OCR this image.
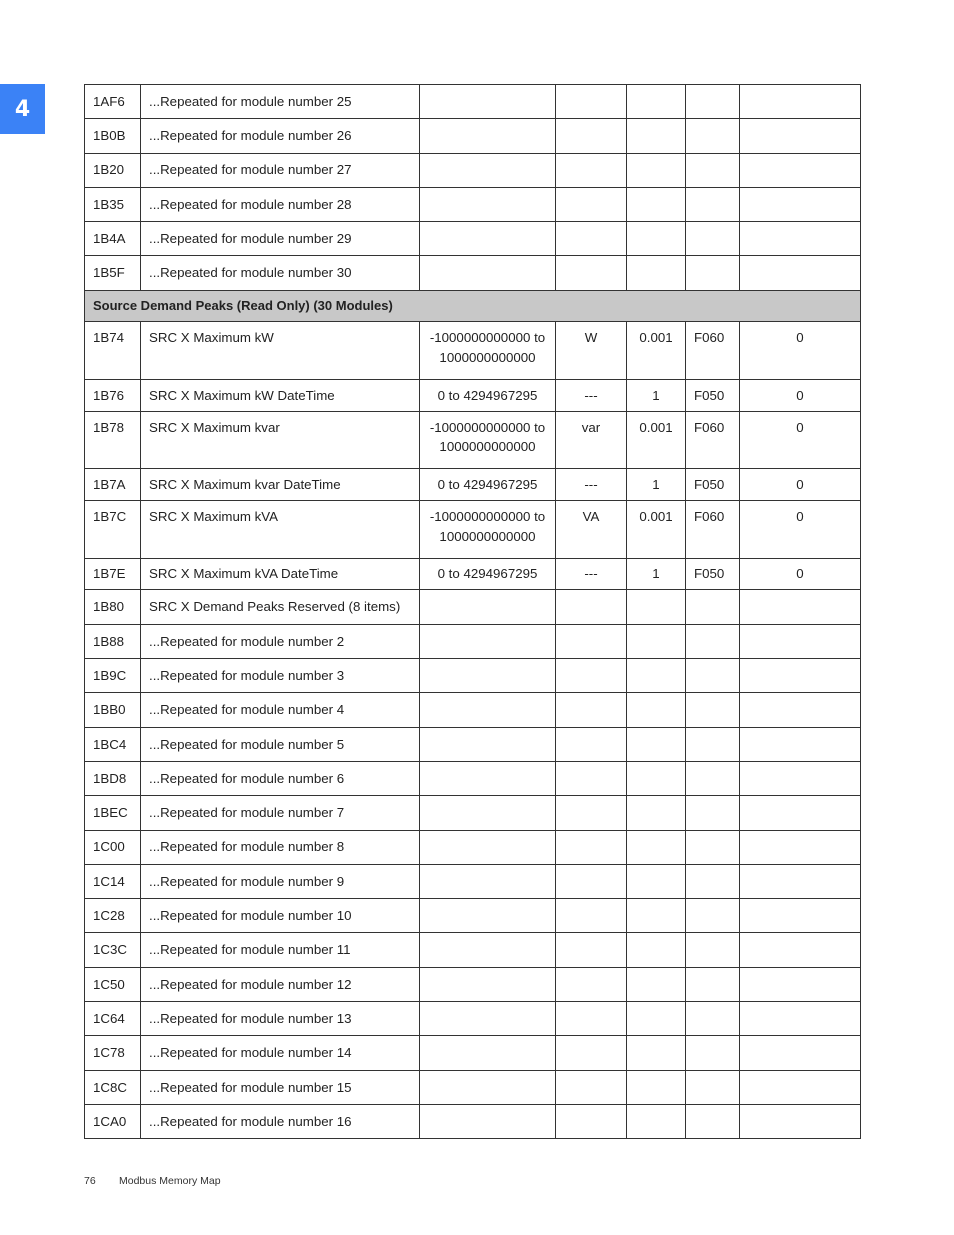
4	1AF6	...Repeated for module number 25					
1B0B	...Repeated for module number 26					
1B20	...Repeated for module number 27					
1B35	...Repeated for module number 28					
1B4A	...Repeated for module number 29					
1B5F	...Repeated for module number 30					
Source Demand Peaks (Read Only) (30 Modules)						
1B74	SRC X Maximum kW	-1000000000000 to 1000000000000	W	0.001	F060	0
1B76	SRC X Maximum kW DateTime	0 to 4294967295	---	1	F050	0
1B78	SRC X Maximum kvar	-1000000000000 to 1000000000000	var	0.001	F060	0
1B7A	SRC X Maximum kvar DateTime	0 to 4294967295	---	1	F050	0
1B7C	SRC X Maximum kVA	-1000000000000 to 1000000000000	VA	0.001	F060	0
1B7E	SRC X Maximum kVA DateTime	0 to 4294967295	---	1	F050	0
1B80	SRC X Demand Peaks Reserved (8 items)					
1B88	...Repeated for module number 2					
1B9C	...Repeated for module number 3					
1BB0	...Repeated for module number 4					
1BC4	...Repeated for module number 5					
1BD8	...Repeated for module number 6					
1BEC	...Repeated for module number 7					
1C00	...Repeated for module number 8					
1C14	...Repeated for module number 9					
1C28	...Repeated for module number 10					
1C3C	...Repeated for module number 11					
1C50	...Repeated for module number 12					
1C64	...Repeated for module number 13					
1C78	...Repeated for module number 14					
1C8C	...Repeated for module number 15					
1CA0	...Repeated for module number 16					
76 Modbus Memory Map
